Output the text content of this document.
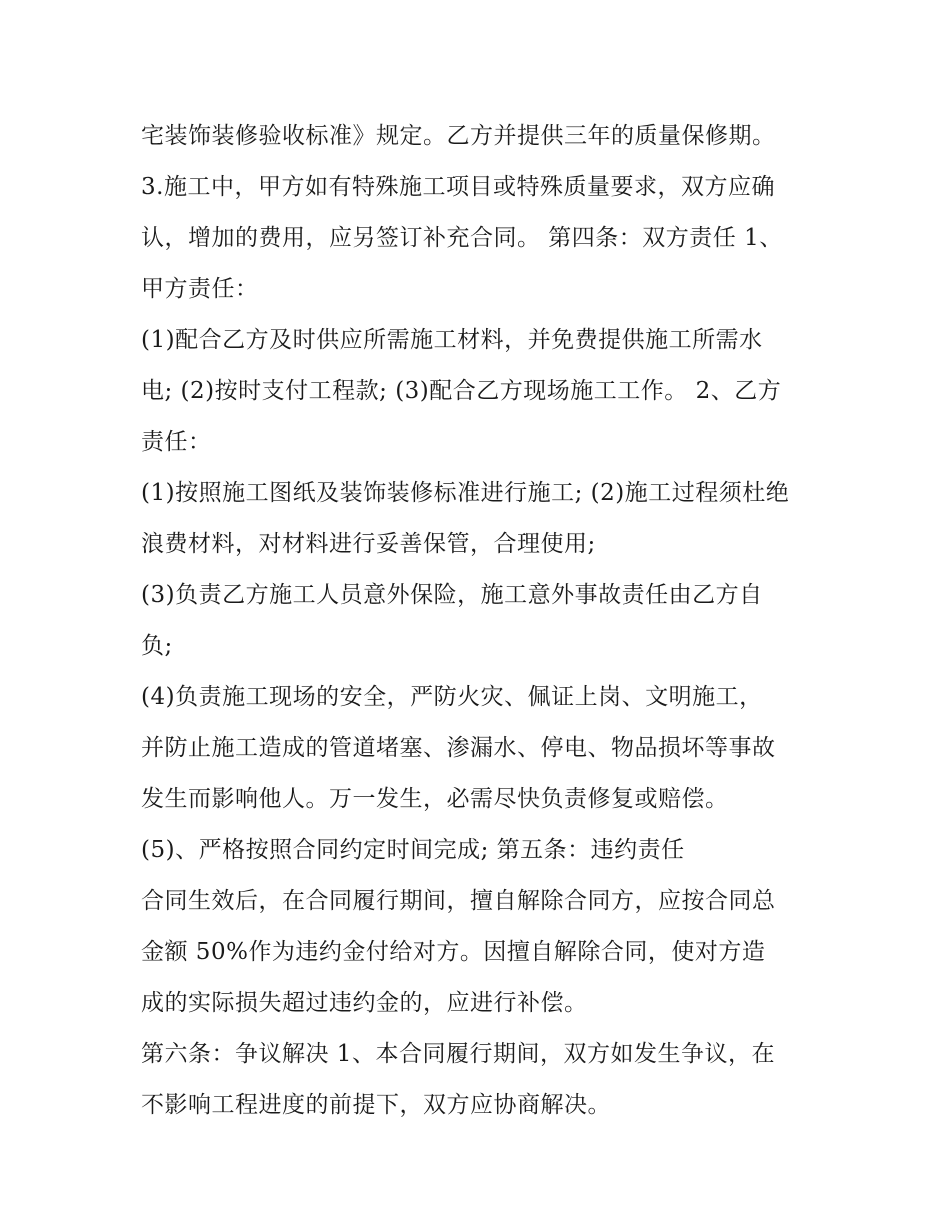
宅装饰装修验收标准》规定。乙方并提供三年的质量保修期。
3.施工中，甲方如有特殊施工项目或特殊质量要求，双方应确
认，增加的费用，应另签订补充合同。 第四条：双方责任 1、
甲方责任：
(1)配合乙方及时供应所需施工材料，并免费提供施工所需水
电; (2)按时支付工程款; (3)配合乙方现场施工工作。 2、乙方
责任：
(1)按照施工图纸及装饰装修标准进行施工; (2)施工过程须杜绝
浪费材料，对材料进行妥善保管，合理使用;
(3)负责乙方施工人员意外保险，施工意外事故责任由乙方自
负;
(4)负责施工现场的安全，严防火灾、佩证上岗、文明施工，
并防止施工造成的管道堵塞、渗漏水、停电、物品损坏等事故
发生而影响他人。万一发生，必需尽快负责修复或赔偿。
(5)、严格按照合同约定时间完成; 第五条：违约责任
合同生效后，在合同履行期间，擅自解除合同方，应按合同总
金额 50%作为违约金付给对方。因擅自解除合同，使对方造
成的实际损失超过违约金的，应进行补偿。
第六条：争议解决 1、本合同履行期间，双方如发生争议，在
不影响工程进度的前提下，双方应协商解决。
